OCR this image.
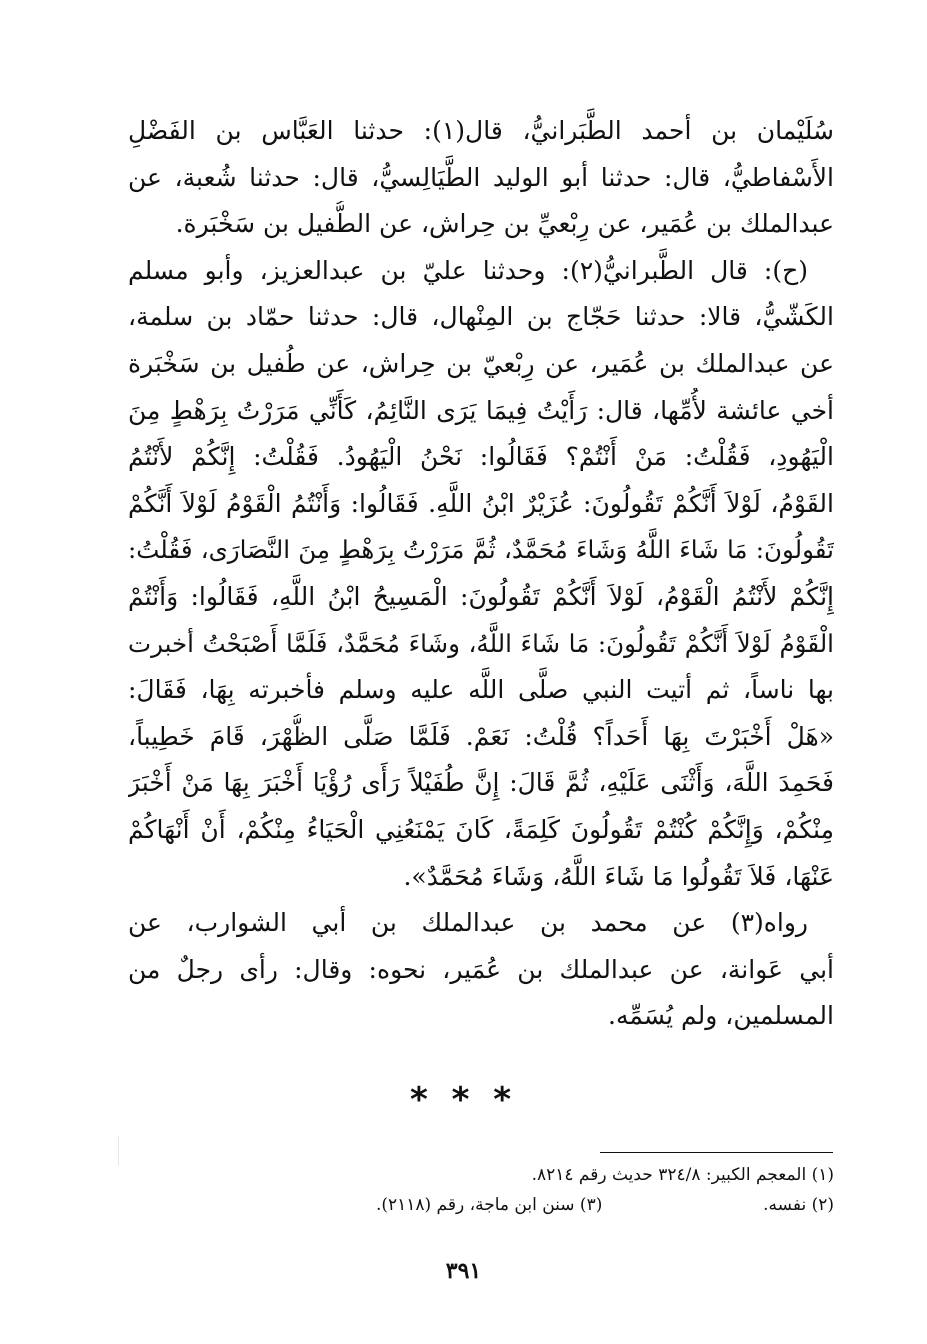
سُلَيْمان بن أحمد الطَّبَرانيُّ، قال(١): حدثنا العَبَّاس بن الفَضْلِ
الأَسْفاطيُّ، قال: حدثنا أبو الوليد الطَّيَالِسيُّ، قال: حدثنا شُعبة، عن
عبدالملك بن عُمَير، عن رِبْعيِّ بن حِراش، عن الطُّفيل بن سَخْبَرة.
(ح): قال الطَّبرانيُّ(٢): وحدثنا عليّ بن عبدالعزيز، وأبو مسلم
الكَشّيُّ، قالا: حدثنا حَجّاج بن المِنْهال، قال: حدثنا حمّاد بن سلمة،
عن عبدالملك بن عُمَير، عن رِبْعيّ بن حِراش، عن طُفيل بن سَخْبَرة
أخي عائشة لأُمِّها، قال: رَأَيْتُ فِيمَا يَرَى النَّائِمُ، كَأَنِّي مَرَرْتُ بِرَهْطٍ مِنَ
الْيَهُودِ، فَقُلْتُ: مَنْ أَنْتُمْ؟ فَقَالُوا: نَحْنُ الْيَهُودُ. فَقُلْتُ: إِنَّكُمْ لأَنْتُمُ
القَوْمُ، لَوْلاَ أَنَّكُمْ تَقُولُونَ: عُزَيْرٌ ابْنُ اللَّهِ. فَقَالُوا: وَأَنْتُمُ الْقَوْمُ لَوْلاَ أَنَّكُمْ
تَقُولُونَ: مَا شَاءَ اللَّهُ وَشَاءَ مُحَمَّدٌ، ثُمَّ مَرَرْتُ بِرَهْطٍ مِنَ النَّصَارَى، فَقُلْتُ:
إِنَّكُمْ لأَنْتُمُ الْقَوْمُ، لَوْلاَ أَنَّكُمْ تَقُولُونَ: الْمَسِيحُ ابْنُ اللَّهِ، فَقَالُوا: وَأَنْتُمْ
الْقَوْمُ لَوْلاَ أَنَّكُمْ تَقُولُونَ: مَا شَاءَ اللَّهُ، وشَاءَ مُحَمَّدٌ، فَلَمَّا أَصْبَحْتُ أخبرت
بها ناساً، ثم أتيت النبي صلَّى اللَّه عليه وسلم فأخبرته بِهَا، فَقَالَ:
«هَلْ أَخْبَرْتَ بِهَا أَحَداً؟ قُلْتُ: نَعَمْ. فَلَمَّا صَلَّى الظُّهْرَ، قَامَ خَطِيباً،
فَحَمِدَ اللَّهَ، وَأَثْنَى عَلَيْهِ، ثُمَّ قَالَ: إِنَّ طُفَيْلاً رَأَى رُؤْيَا أَخْبَرَ بِهَا مَنْ أَخْبَرَ
مِنْكُمْ، وَإِنَّكُمْ كُنْتُمْ تَقُولُونَ كَلِمَةً، كَانَ يَمْنَعُنِي الْحَيَاءُ مِنْكُمْ، أَنْ أَنْهَاكُمْ
عَنْهَا، فَلاَ تَقُولُوا مَا شَاءَ اللَّهُ، وَشَاءَ مُحَمَّدٌ».
رواه(٣) عن محمد بن عبدالملك بن أبي الشوارب، عن
أبي عَوانة، عن عبدالملك بن عُمَير، نحوه: وقال: رأى رجلٌ من
المسلمين، ولم يُسَمِّه.
* * *
(١) المعجم الكبير: ٣٢٤/٨ حديث رقم ٨٢١٤.
(٢) نفسه.  (٣) سنن ابن ماجة، رقم (٢١١٨).
٣٩١
